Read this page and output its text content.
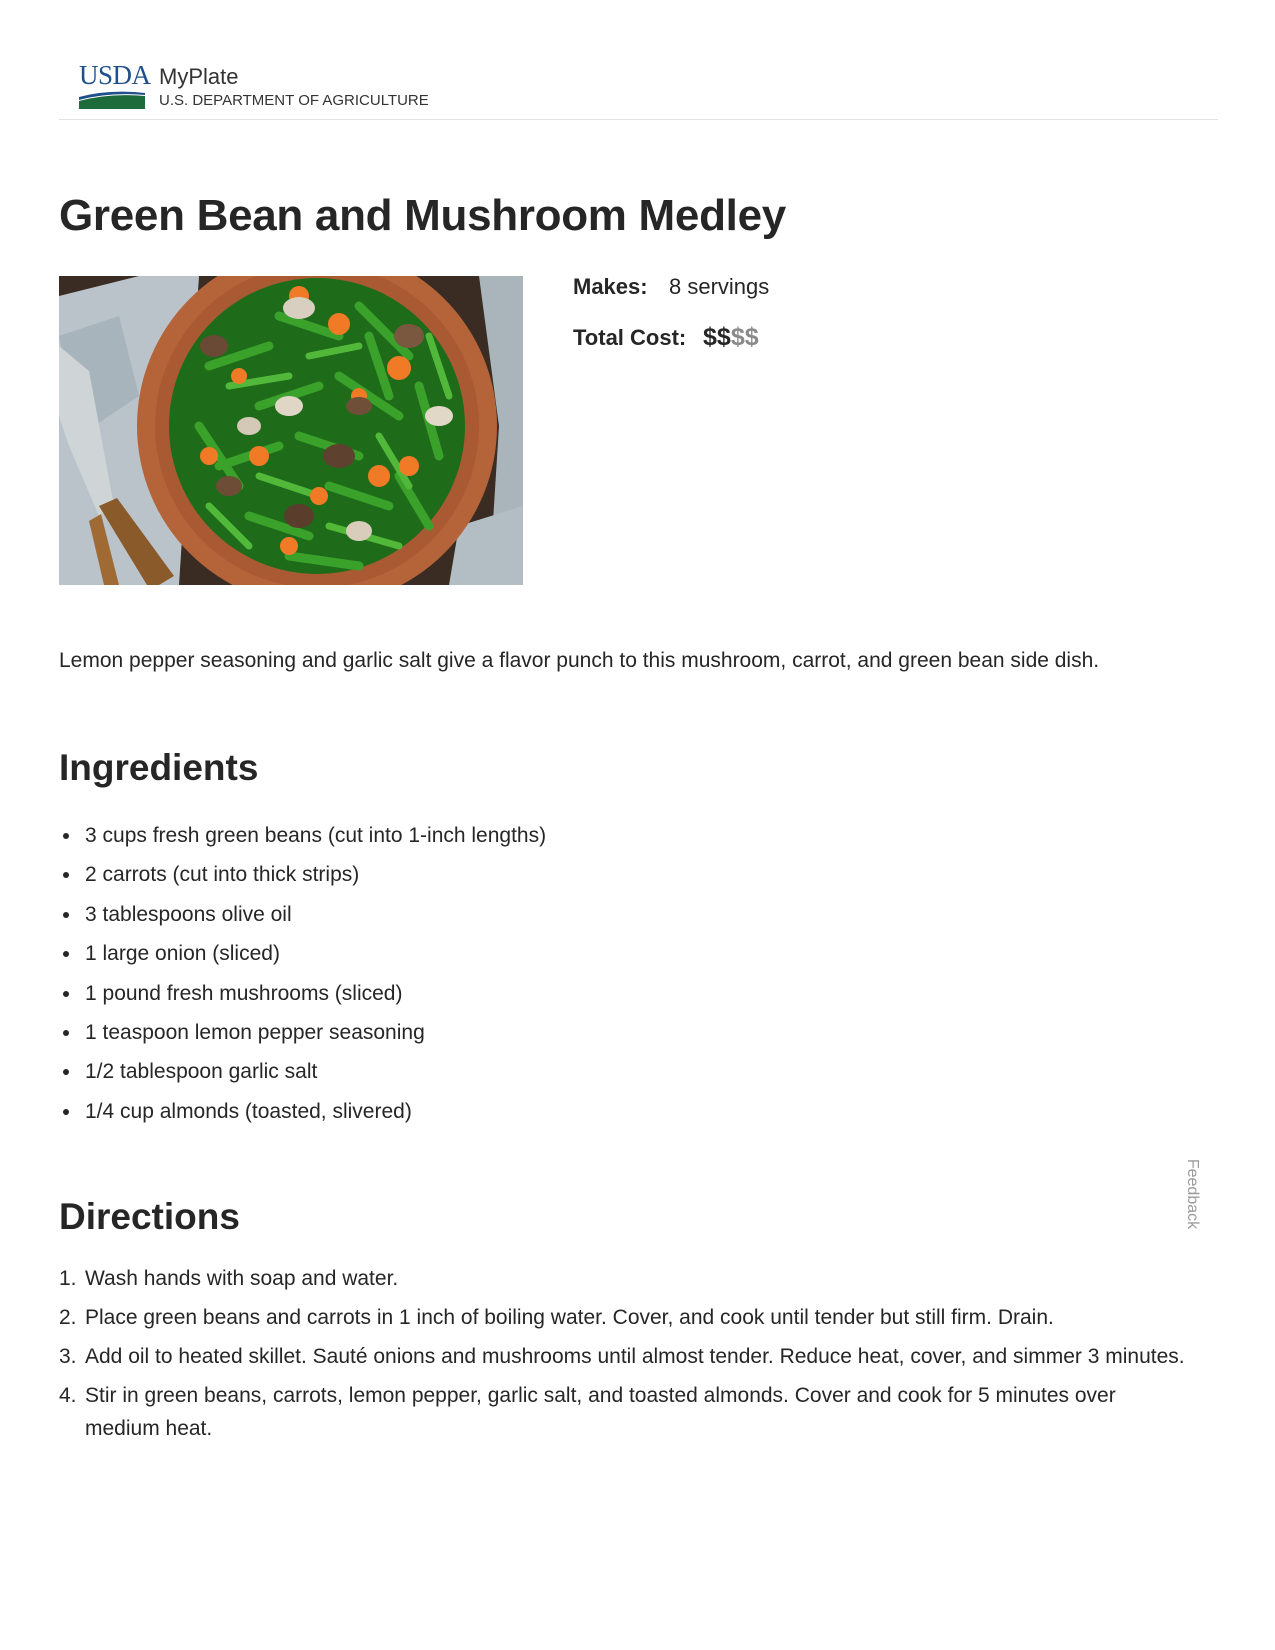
USDA MyPlate
U.S. DEPARTMENT OF AGRICULTURE
Green Bean and Mushroom Medley
Makes: 8 servings
Total Cost: $$$$

Lemon pepper seasoning and garlic salt give a flavor punch to this mushroom, carrot, and green bean side dish.

Ingredients
3 cups fresh green beans (cut into 1-inch lengths)
2 carrots (cut into thick strips)
3 tablespoons olive oil
1 large onion (sliced)
1 pound fresh mushrooms (sliced)
1 teaspoon lemon pepper seasoning
1/2 tablespoon garlic salt
1/4 cup almonds (toasted, slivered)
Directions
1. Wash hands with soap and water.
2. Place green beans and carrots in 1 inch of boiling water. Cover, and cook until tender but still firm. Drain.
3. Add oil to heated skillet. Sauté onions and mushrooms until almost tender. Reduce heat, cover, and simmer 3 minutes.
4. Stir in green beans, carrots, lemon pepper, garlic salt, and toasted almonds. Cover and cook for 5 minutes over medium heat.
Feedback
